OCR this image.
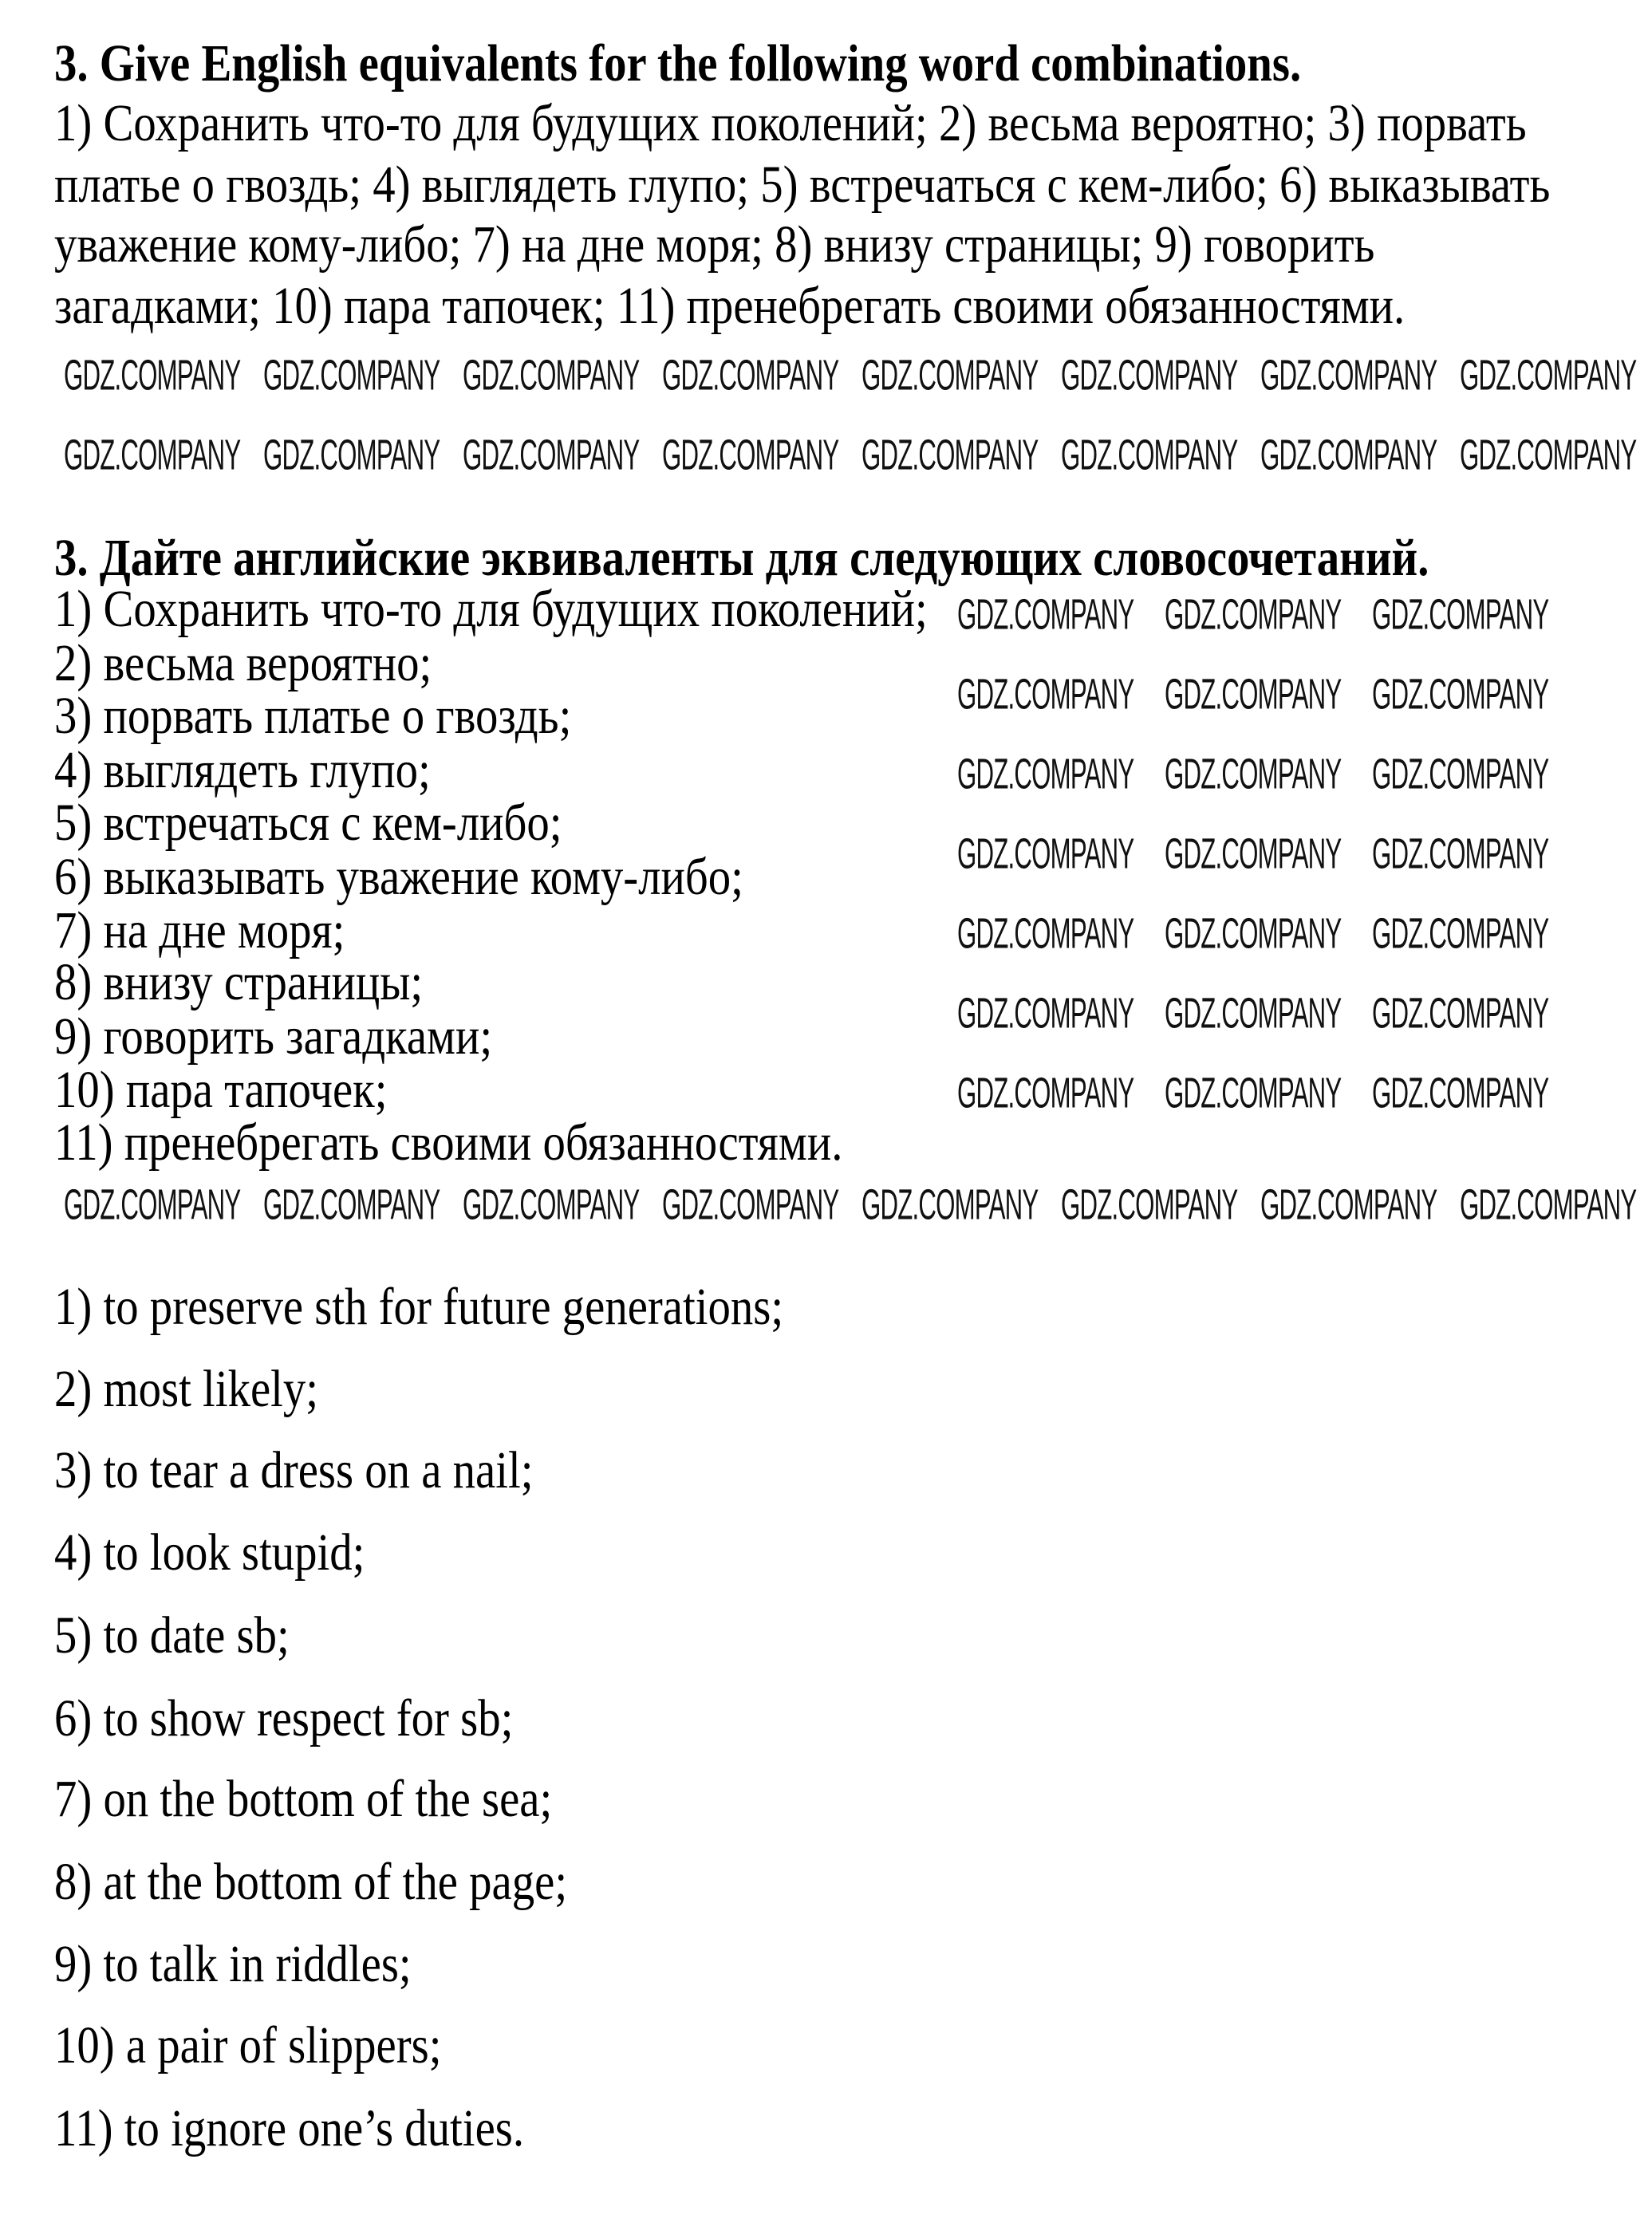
3. Give English equivalents for the following word combinations.
1) Сохранить что-то для будущих поколений; 2) весьма вероятно; 3) порвать
платье о гвоздь; 4) выглядеть глупо; 5) встречаться с кем-либо; 6) выказывать
уважение кому-либо; 7) на дне моря; 8) внизу страницы; 9) говорить
загадками; 10) пара тапочек; 11) пренебрегать своими обязанностями.
3. Дайте английские эквиваленты для следующих словосочетаний.
1) Сохранить что-то для будущих поколений;
2) весьма вероятно;
3) порвать платье о гвоздь;
4) выглядеть глупо;
5) встречаться с кем-либо;
6) выказывать уважение кому-либо;
7) на дне моря;
8) внизу страницы;
9) говорить загадками;
10) пара тапочек;
11) пренебрегать своими обязанностями.
1) to preserve sth for future generations;
2) most likely;
3) to tear a dress on a nail;
4) to look stupid;
5) to date sb;
6) to show respect for sb;
7) on the bottom of the sea;
8) at the bottom of the page;
9) to talk in riddles;
10) a pair of slippers;
11) to ignore one’s duties.
GDZ.COMPANY GDZ.COMPANY GDZ.COMPANY GDZ.COMPANY GDZ.COMPANY GDZ.COMPANY GDZ.COMPANY GDZ.COMPANY
GDZ.COMPANY GDZ.COMPANY GDZ.COMPANY GDZ.COMPANY GDZ.COMPANY GDZ.COMPANY GDZ.COMPANY GDZ.COMPANY
GDZ.COMPANY GDZ.COMPANY GDZ.COMPANY
GDZ.COMPANY GDZ.COMPANY GDZ.COMPANY
GDZ.COMPANY GDZ.COMPANY GDZ.COMPANY
GDZ.COMPANY GDZ.COMPANY GDZ.COMPANY
GDZ.COMPANY GDZ.COMPANY GDZ.COMPANY
GDZ.COMPANY GDZ.COMPANY GDZ.COMPANY
GDZ.COMPANY GDZ.COMPANY GDZ.COMPANY
GDZ.COMPANY GDZ.COMPANY GDZ.COMPANY GDZ.COMPANY GDZ.COMPANY GDZ.COMPANY GDZ.COMPANY GDZ.COMPANY
